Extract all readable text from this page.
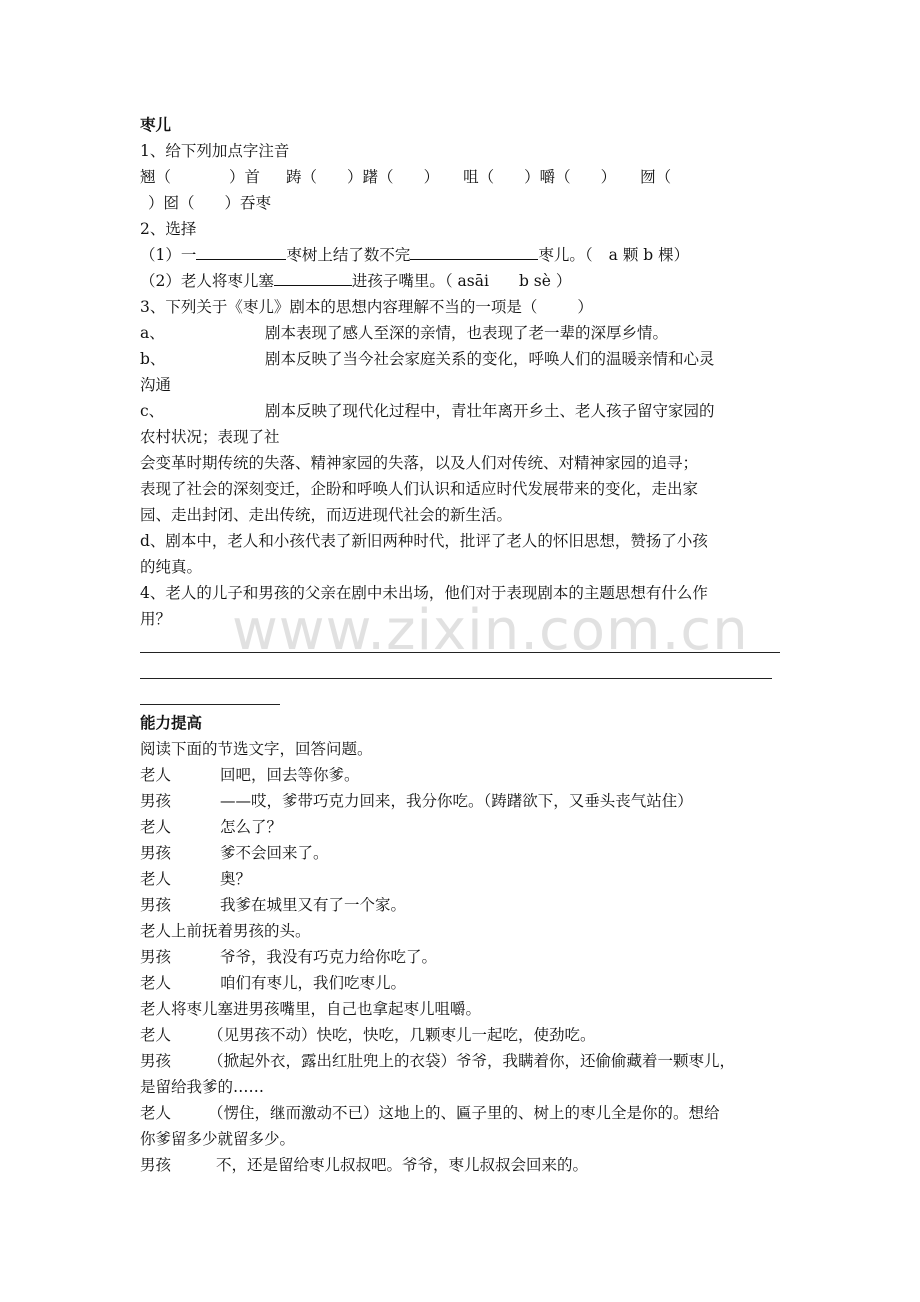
www.zixin.com.cn
枣儿
1、给下列加点字注音
翘（	）首 踌（ ）躇（ ） 咀（ ）嚼（ ） 囫（
）囵（ ）吞枣
2、选择
（1）一	枣树上结了数不完	枣儿。（ a 颗 b 棵）
（2）老人将枣儿塞	进孩子嘴里。（ asāi b sè ）
3、下列关于《枣儿》剧本的思想内容理解不当的一项是（	）
a、	剧本表现了感人至深的亲情，也表现了老一辈的深厚乡情。
b、	剧本反映了当今社会家庭关系的变化，呼唤人们的温暖亲情和心灵
沟通
c、	剧本反映了现代化过程中，青壮年离开乡土、老人孩子留守家园的
农村状况；表现了社
会变革时期传统的失落、精神家园的失落，以及人们对传统、对精神家园的追寻；
表现了社会的深刻变迁，企盼和呼唤人们认识和适应时代发展带来的变化，走出家
园、走出封闭、走出传统，而迈进现代社会的新生活。
d、剧本中，老人和小孩代表了新旧两种时代，批评了老人的怀旧思想，赞扬了小孩
的纯真。
4、老人的儿子和男孩的父亲在剧中未出场，他们对于表现剧本的主题思想有什么作
用？
能力提高
阅读下面的节选文字，回答问题。
老人	回吧，回去等你爹。
男孩	——哎，爹带巧克力回来，我分你吃。（踌躇欲下，又垂头丧气站住）
老人	怎么了？
男孩	爹不会回来了。
老人	奥？
男孩	我爹在城里又有了一个家。
老人上前抚着男孩的头。
男孩	爷爷，我没有巧克力给你吃了。
老人	咱们有枣儿，我们吃枣儿。
老人将枣儿塞进男孩嘴里，自己也拿起枣儿咀嚼。
老人 （见男孩不动）快吃，快吃，几颗枣儿一起吃，使劲吃。
男孩 （掀起外衣，露出红肚兜上的衣袋）爷爷，我瞒着你，还偷偷藏着一颗枣儿，
是留给我爹的……
老人 （愣住，继而激动不已）这地上的、匾子里的、树上的枣儿全是你的。想给
你爹留多少就留多少。
男孩	不，还是留给枣儿叔叔吧。爷爷，枣儿叔叔会回来的。
